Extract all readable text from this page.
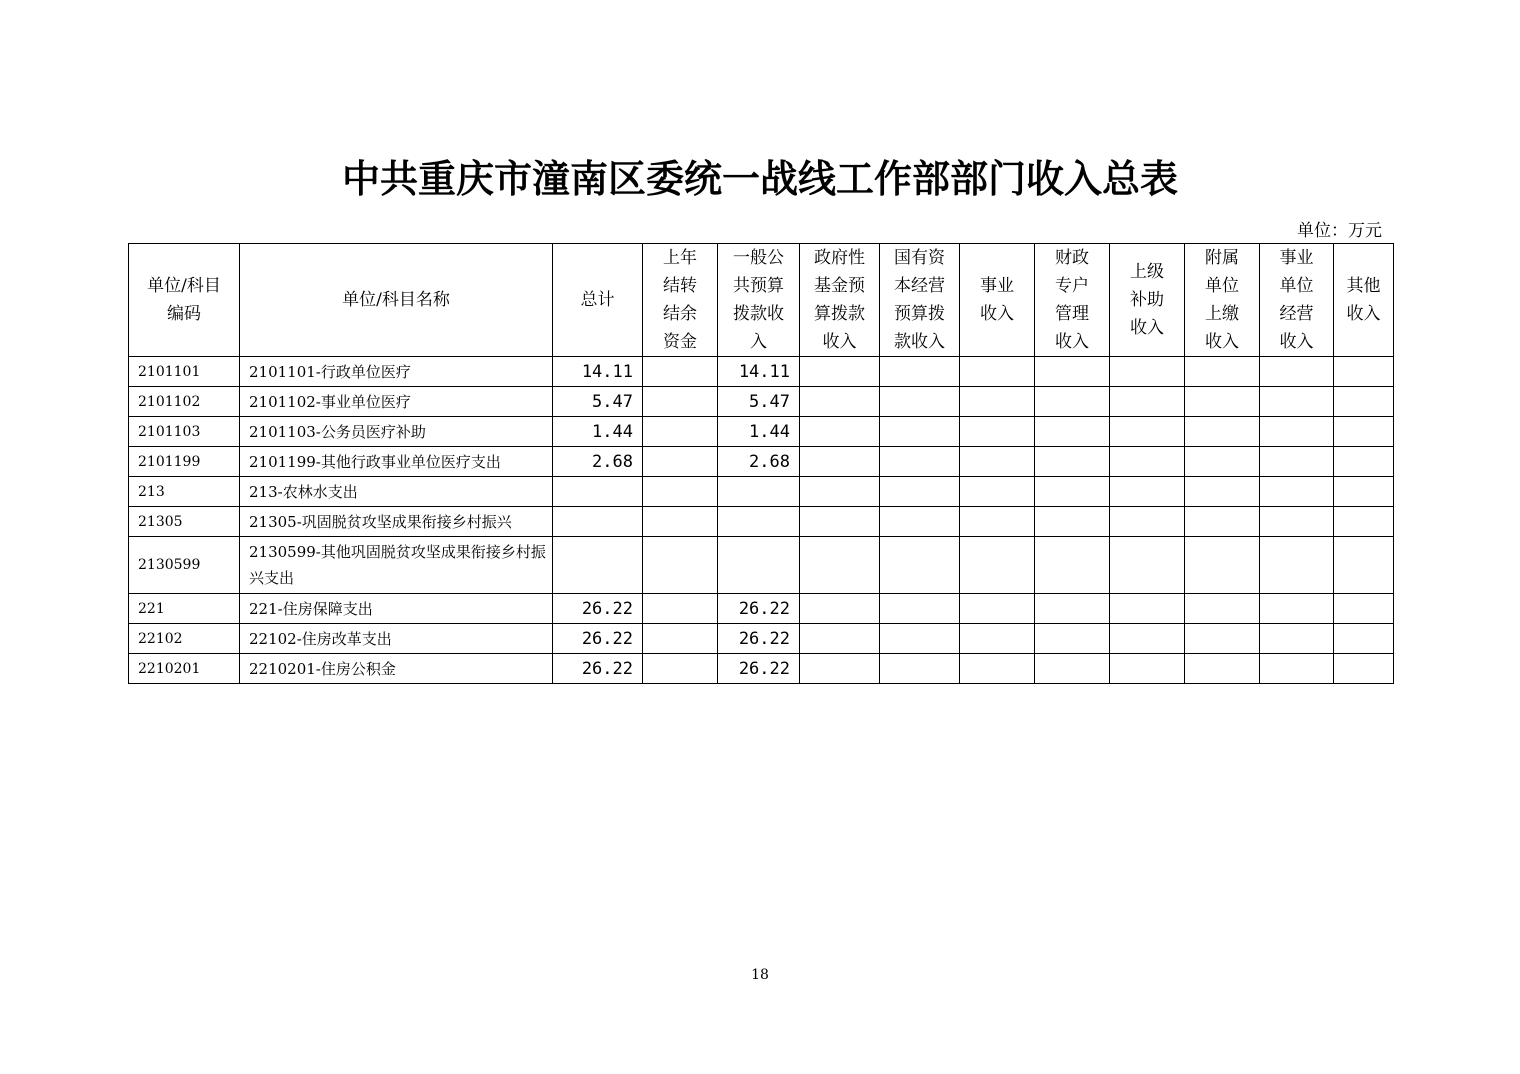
中共重庆市潼南区委统一战线工作部部门收入总表
单位：万元
单位/科目编码	单位/科目名称	总计	上年结转结余资金	一般公共预算拨款收入	政府性基金预算拨款收入	国有资本经营预算拨款收入	事业收入	财政专户管理收入	上级补助收入	附属单位上缴收入	事业单位经营收入	其他收入
2101101	2101101-行政单位医疗	14.11		14.11								
2101102	2101102-事业单位医疗	5.47		5.47								
2101103	2101103-公务员医疗补助	1.44		1.44								
2101199	2101199-其他行政事业单位医疗支出	2.68		2.68								
213	213-农林水支出											
21305	21305-巩固脱贫攻坚成果衔接乡村振兴											
2130599	2130599-其他巩固脱贫攻坚成果衔接乡村振兴支出											
221	221-住房保障支出	26.22		26.22								
22102	22102-住房改革支出	26.22		26.22								
2210201	2210201-住房公积金	26.22		26.22								
18
